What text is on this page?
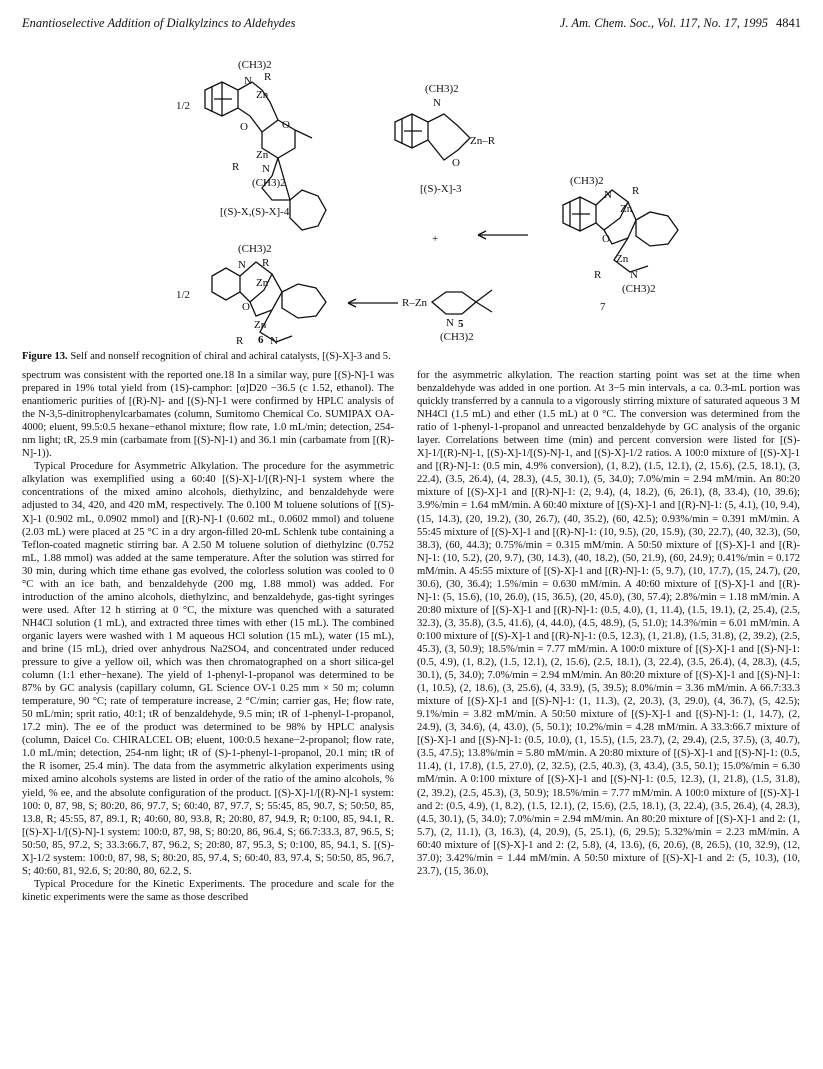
Enantioselective Addition of Dialkylzincs to Aldehydes	J. Am. Chem. Soc., Vol. 117, No. 17, 1995 4841
(CH3)2
N R
Zn
O	O
Zn
R N
(CH3)2
1/2
[(S)-X,(S)-X]-4
(CH3)2
N
Zn–R
O
[(S)-X]-3
+
(CH3)2
N R
Zn
O
Zn
R	N
(CH3)2
7
(CH3)2
N R
Zn
O
Zn
R N
1/2
R–Zn
N
(CH3)2
5
6
Figure 13. Self and nonself recognition of chiral and achiral catalysts, [(S)-X]-3 and 5.

spectrum was consistent with the reported one.18 In a similar way, pure [(S)-N]-1 was prepared in 19% total yield from (1S)-camphor: [α]D20 −36.5 (c 1.52, ethanol). The enantiomeric purities of [(R)-N]- and [(S)-N]-1 were confirmed by HPLC analysis of the N-3,5-dinitrophenylcarbamates (column, Sumitomo Chemical Co. SUMIPAX OA-4000; eluent, 99.5:0.5 hexane−ethanol mixture; flow rate, 1.0 mL/min; detection, 254-nm light; tR, 25.9 min (carbamate from [(S)-N]-1) and 36.1 min (carbamate from [(R)-N]-1)).

Typical Procedure for Asymmetric Alkylation. The procedure for the asymmetric alkylation was exemplified using a 60:40 [(S)-X]-1/[(R)-N]-1 system where the concentrations of the mixed amino alcohols, diethylzinc, and benzaldehyde were adjusted to 34, 420, and 420 mM, respectively. The 0.100 M toluene solutions of [(S)-X]-1 (0.902 mL, 0.0902 mmol) and [(R)-N]-1 (0.602 mL, 0.0602 mmol) and toluene (2.03 mL) were placed at 25 °C in a dry argon-filled 20-mL Schlenk tube containing a Teflon-coated magnetic stirring bar. A 2.50 M toluene solution of diethylzinc (0.752 mL, 1.88 mmol) was added at the same temperature. After the solution was stirred for 30 min, during which time ethane gas evolved, the colorless solution was cooled to 0 °C with an ice bath, and benzaldehyde (200 mg, 1.88 mmol) was added. For introduction of the amino alcohols, diethylzinc, and benzaldehyde, gas-tight syringes were used. After 12 h stirring at 0 °C, the mixture was quenched with a saturated NH4Cl solution (1 mL), and extracted three times with ether (15 mL). The combined organic layers were washed with 1 M aqueous HCl solution (15 mL), water (15 mL), and brine (15 mL), dried over anhydrous Na2SO4, and concentrated under reduced pressure to give a yellow oil, which was then chromatographed on a short silica-gel column (1:1 ether−hexane). The yield of 1-phenyl-1-propanol was determined to be 87% by GC analysis (capillary column, GL Science OV-1 0.25 mm × 50 m; column temperature, 90 °C; rate of temperature increase, 2 °C/min; carrier gas, He; flow rate, 50 mL/min; sprit ratio, 40:1; tR of benzaldehyde, 9.5 min; tR of 1-phenyl-1-propanol, 17.2 min). The ee of the product was determined to be 98% by HPLC analysis (column, Daicel Co. CHIRALCEL OB; eluent, 100:0.5 hexane−2-propanol; flow rate, 1.0 mL/min; detection, 254-nm light; tR of (S)-1-phenyl-1-propanol, 20.1 min; tR of the R isomer, 25.4 min). The data from the asymmetric alkylation experiments using mixed amino alcohols systems are listed in order of the ratio of the amino alcohols, % yield, % ee, and the absolute configuration of the product. [(S)-X]-1/[(R)-N]-1 system: 100: 0, 87, 98, S; 80:20, 86, 97.7, S; 60:40, 87, 97.7, S; 55:45, 85, 90.7, S; 50:50, 85, 13.8, R; 45:55, 87, 89.1, R; 40:60, 80, 93.8, R; 20:80, 87, 94.9, R; 0:100, 85, 94.1, R. [(S)-X]-1/[(S)-N]-1 system: 100:0, 87, 98, S; 80:20, 86, 96.4, S; 66.7:33.3, 87, 96.5, S; 50:50, 85, 97.2, S; 33.3:66.7, 87, 96.2, S; 20:80, 87, 95.3, S; 0:100, 85, 94.1, S. [(S)-X]-1/2 system: 100:0, 87, 98, S; 80:20, 85, 97.4, S; 60:40, 83, 97.4, S; 50:50, 85, 96.7, S; 40:60, 81, 92.6, S; 20:80, 80, 62.2, S.

Typical Procedure for the Kinetic Experiments. The procedure and scale for the kinetic experiments were the same as those described

for the asymmetric alkylation. The reaction starting point was set at the time when benzaldehyde was added in one portion. At 3−5 min intervals, a ca. 0.3-mL portion was quickly transferred by a cannula to a vigorously stirring mixture of saturated aqueous 3 M NH4Cl (1.5 mL) and ether (1.5 mL) at 0 °C. The conversion was determined from the ratio of 1-phenyl-1-propanol and unreacted benzaldehyde by GC analysis of the organic layer. Correlations between time (min) and percent conversion were listed for [(S)-X]-1/[(R)-N]-1, [(S)-X]-1/[(S)-N]-1, and [(S)-X]-1/2 ratios. A 100:0 mixture of [(S)-X]-1 and [(R)-N]-1: (0.5 min, 4.9% conversion), (1, 8.2), (1.5, 12.1), (2, 15.6), (2.5, 18.1), (3, 22.4), (3.5, 26.4), (4, 28.3), (4.5, 30.1), (5, 34.0); 7.0%/min = 2.94 mM/min. An 80:20 mixture of [(S)-X]-1 and [(R)-N]-1: (2, 9.4), (4, 18.2), (6, 26.1), (8, 33.4), (10, 39.6); 3.9%/min = 1.64 mM/min. A 60:40 mixture of [(S)-X]-1 and [(R)-N]-1: (5, 4.1), (10, 9.4), (15, 14.3), (20, 19.2), (30, 26.7), (40, 35.2), (60, 42.5); 0.93%/min = 0.391 mM/min. A 55:45 mixture of [(S)-X]-1 and [(R)-N]-1: (10, 9.5), (20, 15.9), (30, 22.7), (40, 32.3), (50, 38.3), (60, 44.3); 0.75%/min = 0.315 mM/min. A 50:50 mixture of [(S)-X]-1 and [(R)-N]-1: (10, 5.2), (20, 9.7), (30, 14.3), (40, 18.2), (50, 21.9), (60, 24.9); 0.41%/min = 0.172 mM/min. A 45:55 mixture of [(S)-X]-1 and [(R)-N]-1: (5, 9.7), (10, 17.7), (15, 24.7), (20, 30.6), (30, 36.4); 1.5%/min = 0.630 mM/min. A 40:60 mixture of [(S)-X]-1 and [(R)-N]-1: (5, 15.6), (10, 26.0), (15, 36.5), (20, 45.0), (30, 57.4); 2.8%/min = 1.18 mM/min. A 20:80 mixture of [(S)-X]-1 and [(R)-N]-1: (0.5, 4.0), (1, 11.4), (1.5, 19.1), (2, 25.4), (2.5, 32.3), (3, 35.8), (3.5, 41.6), (4, 44.0), (4.5, 48.9), (5, 51.0); 14.3%/min = 6.01 mM/min. A 0:100 mixture of [(S)-X]-1 and [(R)-N]-1: (0.5, 12.3), (1, 21.8), (1.5, 31.8), (2, 39.2), (2.5, 45.3), (3, 50.9); 18.5%/min = 7.77 mM/min. A 100:0 mixture of [(S)-X]-1 and [(S)-N]-1: (0.5, 4.9), (1, 8.2), (1.5, 12.1), (2, 15.6), (2.5, 18.1), (3, 22.4), (3.5, 26.4), (4, 28.3), (4.5, 30.1), (5, 34.0); 7.0%/min = 2.94 mM/min. An 80:20 mixture of [(S)-X]-1 and [(S)-N]-1: (1, 10.5), (2, 18.6), (3, 25.6), (4, 33.9), (5, 39.5); 8.0%/min = 3.36 mM/min. A 66.7:33.3 mixture of [(S)-X]-1 and [(S)-N]-1: (1, 11.3), (2, 20.3), (3, 29.0), (4, 36.7), (5, 42.5); 9.1%/min = 3.82 mM/min. A 50:50 mixture of [(S)-X]-1 and [(S)-N]-1: (1, 14.7), (2, 24.9), (3, 34.6), (4, 43.0), (5, 50.1); 10.2%/min = 4.28 mM/min. A 33.3:66.7 mixture of [(S)-X]-1 and [(S)-N]-1: (0.5, 10.0), (1, 15.5), (1.5, 23.7), (2, 29.4), (2.5, 37.5), (3, 40.7), (3.5, 47.5); 13.8%/min = 5.80 mM/min. A 20:80 mixture of [(S)-X]-1 and [(S)-N]-1: (0.5, 11.4), (1, 17.8), (1.5, 27.0), (2, 32.5), (2.5, 40.3), (3, 43.4), (3.5, 50.1); 15.0%/min = 6.30 mM/min. A 0:100 mixture of [(S)-X]-1 and [(S)-N]-1: (0.5, 12.3), (1, 21.8), (1.5, 31.8), (2, 39.2), (2.5, 45.3), (3, 50.9); 18.5%/min = 7.77 mM/min. A 100:0 mixture of [(S)-X]-1 and 2: (0.5, 4.9), (1, 8.2), (1.5, 12.1), (2, 15.6), (2.5, 18.1), (3, 22.4), (3.5, 26.4), (4, 28.3), (4.5, 30.1), (5, 34.0); 7.0%/min = 2.94 mM/min. An 80:20 mixture of [(S)-X]-1 and 2: (1, 5.7), (2, 11.1), (3, 16.3), (4, 20.9), (5, 25.1), (6, 29.5); 5.32%/min = 2.23 mM/min. A 60:40 mixture of [(S)-X]-1 and 2: (2, 5.8), (4, 13.6), (6, 20.6), (8, 26.5), (10, 32.9), (12, 37.0); 3.42%/min = 1.44 mM/min. A 50:50 mixture of [(S)-X]-1 and 2: (5, 10.3), (10, 23.7), (15, 36.0),
